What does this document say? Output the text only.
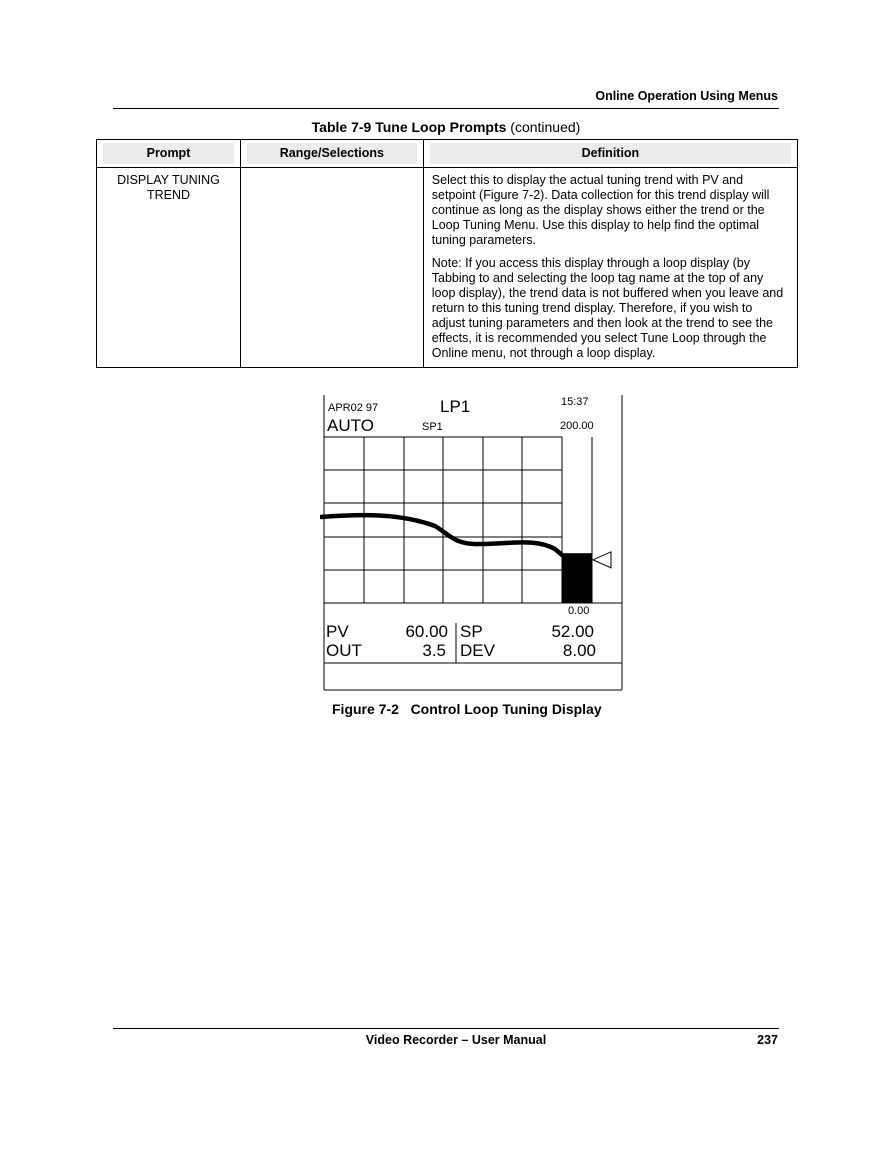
Online Operation Using Menus
Table 7-9 Tune Loop Prompts (continued)
Prompt	Range/Selections	Definition

DISPLAY TUNING TREND		Select this to display the actual tuning trend with PV and setpoint (Figure 7-2). Data collection for this trend display will continue as long as the display shows either the trend or the Loop Tuning Menu. Use this display to help find the optimal tuning parameters.

Note: If you access this display through a loop display (by Tabbing to and selecting the loop tag name at the top of any loop display), the trend data is not buffered when you leave and return to this tuning trend display. Therefore, if you wish to adjust tuning parameters and then look at the trend to see the effects, it is recommended you select Tune Loop through the Online menu, not through a loop display.

APR02 97	LP1	15:37
AUTO	SP1	200.00
0.00
PV	60.00 SP	52.00
OUT	3.5 DEV	8.00
Figure 7-2   Control Loop Tuning Display
Video Recorder – User Manual	237
